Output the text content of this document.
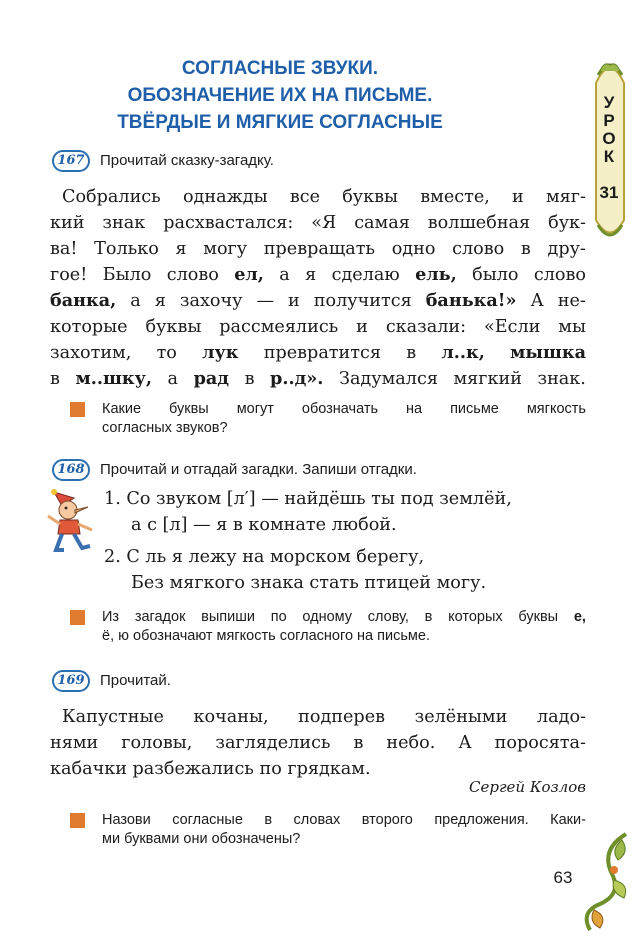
СОГЛАСНЫЕ ЗВУКИ.
ОБОЗНАЧЕНИЕ ИХ НА ПИСЬМЕ.
ТВЁРДЫЕ И МЯГКИЕ СОГЛАСНЫЕ
У
Р
О
К
31
167	Прочитай сказку-загадку.
Собрались однажды все буквы вместе, и мяг-
кий знак расхвастался: «Я самая волшебная бук-
ва! Только я могу превращать одно слово в дру-
гое! Было слово ел, а я сделаю ель, было слово
банка, а я захочу — и получится банька!» А не-
которые буквы рассмеялись и сказали: «Если мы
захотим, то лук превратится в л..к, мышка
в м..шку, а рад в р..д». Задумался мягкий знак.
Какие буквы могут обозначать на письме мягкость
согласных звуков?
168	Прочитай и отгадай загадки. Запиши отгадки.
1. Со звуком [л′] — найдёшь ты под землёй,
а с [л] — я в комнате любой.
2. С ль я лежу на морском берегу,
Без мягкого знака стать птицей могу.
Из загадок выпиши по одному слову, в которых буквы е,
ё, ю обозначают мягкость согласного на письме.
169	Прочитай.
Капустные кочаны, подперев зелёными ладо-
нями головы, загляделись в небо. А поросята-
кабачки разбежались по грядкам.
Сергей Козлов
Назови согласные в словах второго предложения. Каки-
ми буквами они обозначены?
63
